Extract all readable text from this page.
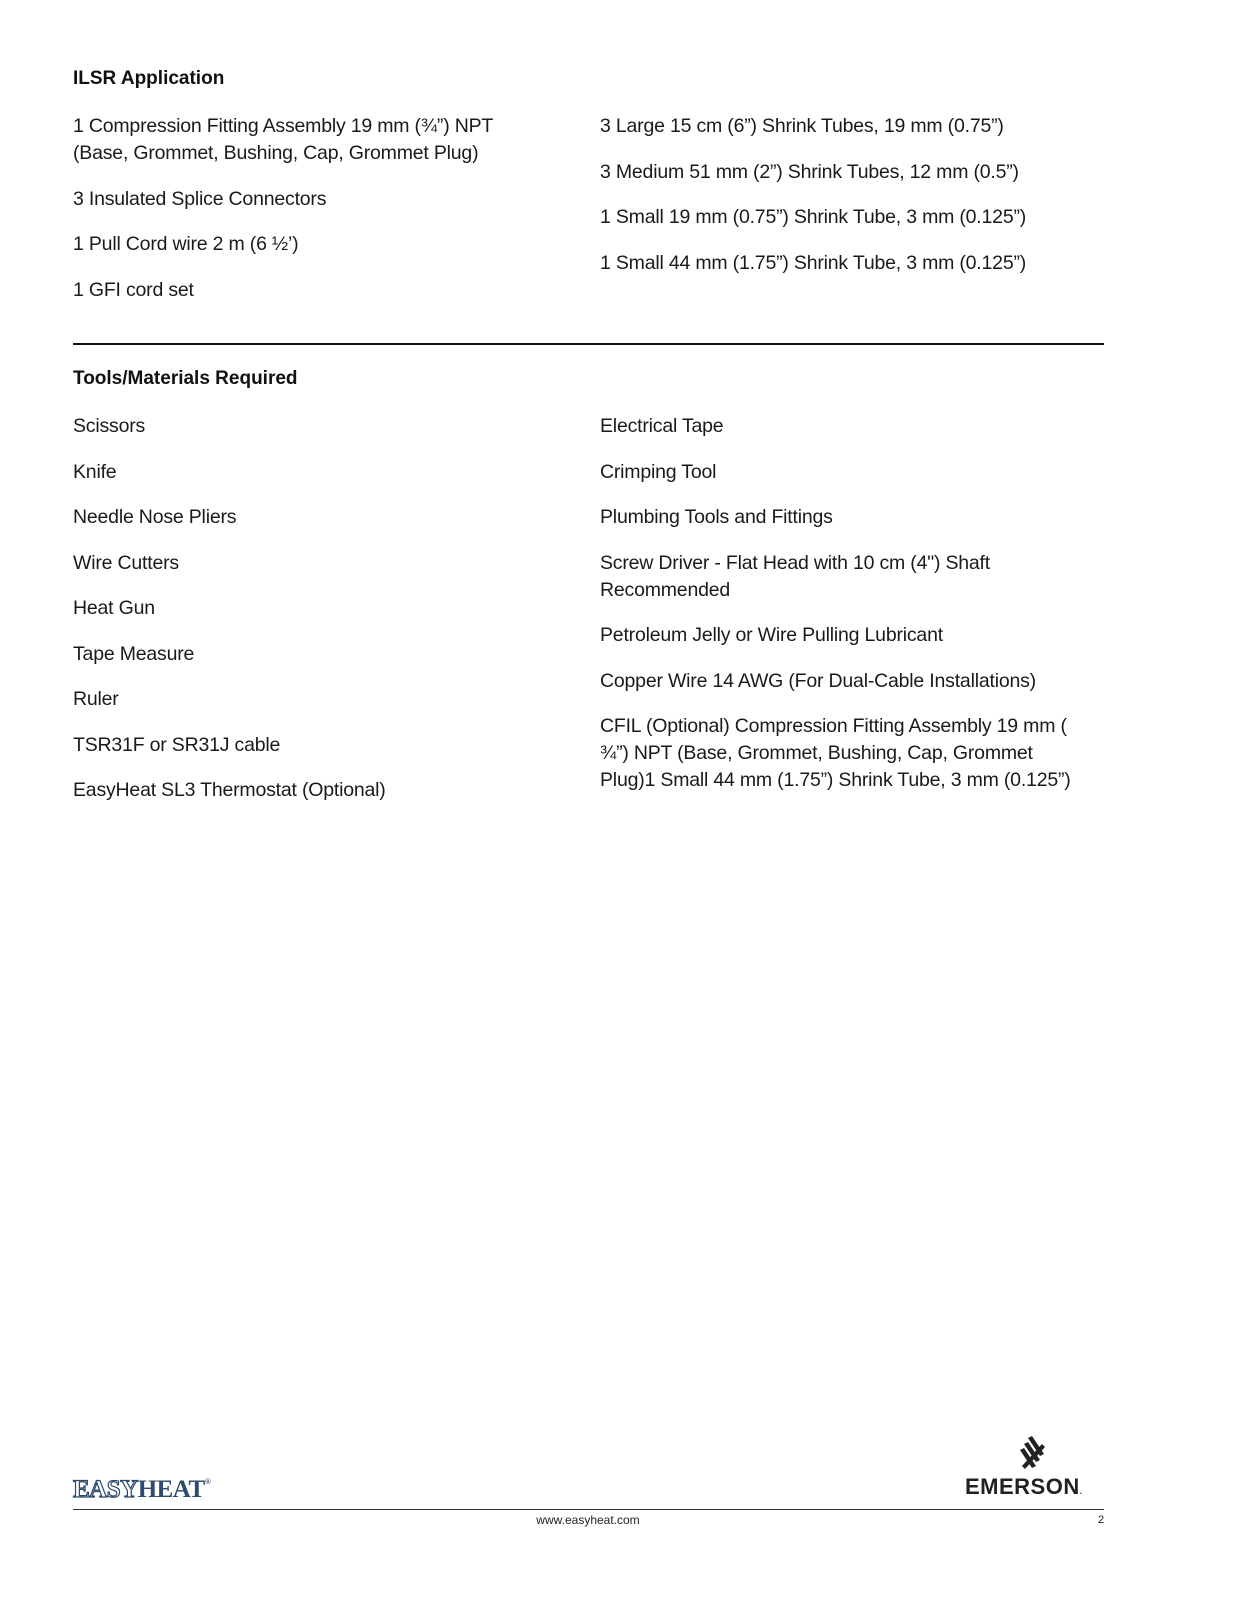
ILSR Application
1 Compression Fitting Assembly 19 mm (¾”) NPT (Base, Grommet, Bushing, Cap, Grommet Plug)
3 Insulated Splice Connectors
1 Pull Cord wire 2 m (6 ½’)
1 GFI cord set
3 Large 15 cm (6”) Shrink Tubes, 19 mm (0.75”)
3 Medium 51 mm (2”) Shrink Tubes, 12 mm (0.5”)
1 Small 19 mm (0.75”) Shrink Tube, 3 mm (0.125”)
1 Small 44 mm (1.75”) Shrink Tube, 3 mm (0.125”)
Tools/Materials Required
Scissors
Knife
Needle Nose Pliers
Wire Cutters
Heat Gun
Tape Measure
Ruler
TSR31F or SR31J cable
EasyHeat SL3 Thermostat (Optional)
Electrical Tape
Crimping Tool
Plumbing Tools and Fittings
Screw Driver - Flat Head with 10 cm (4") Shaft Recommended
Petroleum Jelly or Wire Pulling Lubricant
Copper Wire 14 AWG (For Dual-Cable Installations)
CFIL (Optional) Compression Fitting Assembly 19 mm ( ¾”) NPT (Base, Grommet, Bushing, Cap, Grommet Plug)1 Small 44 mm (1.75”) Shrink Tube, 3 mm (0.125”)
EASY HEAT ®	EMERSON.
www.easyheat.com	2
